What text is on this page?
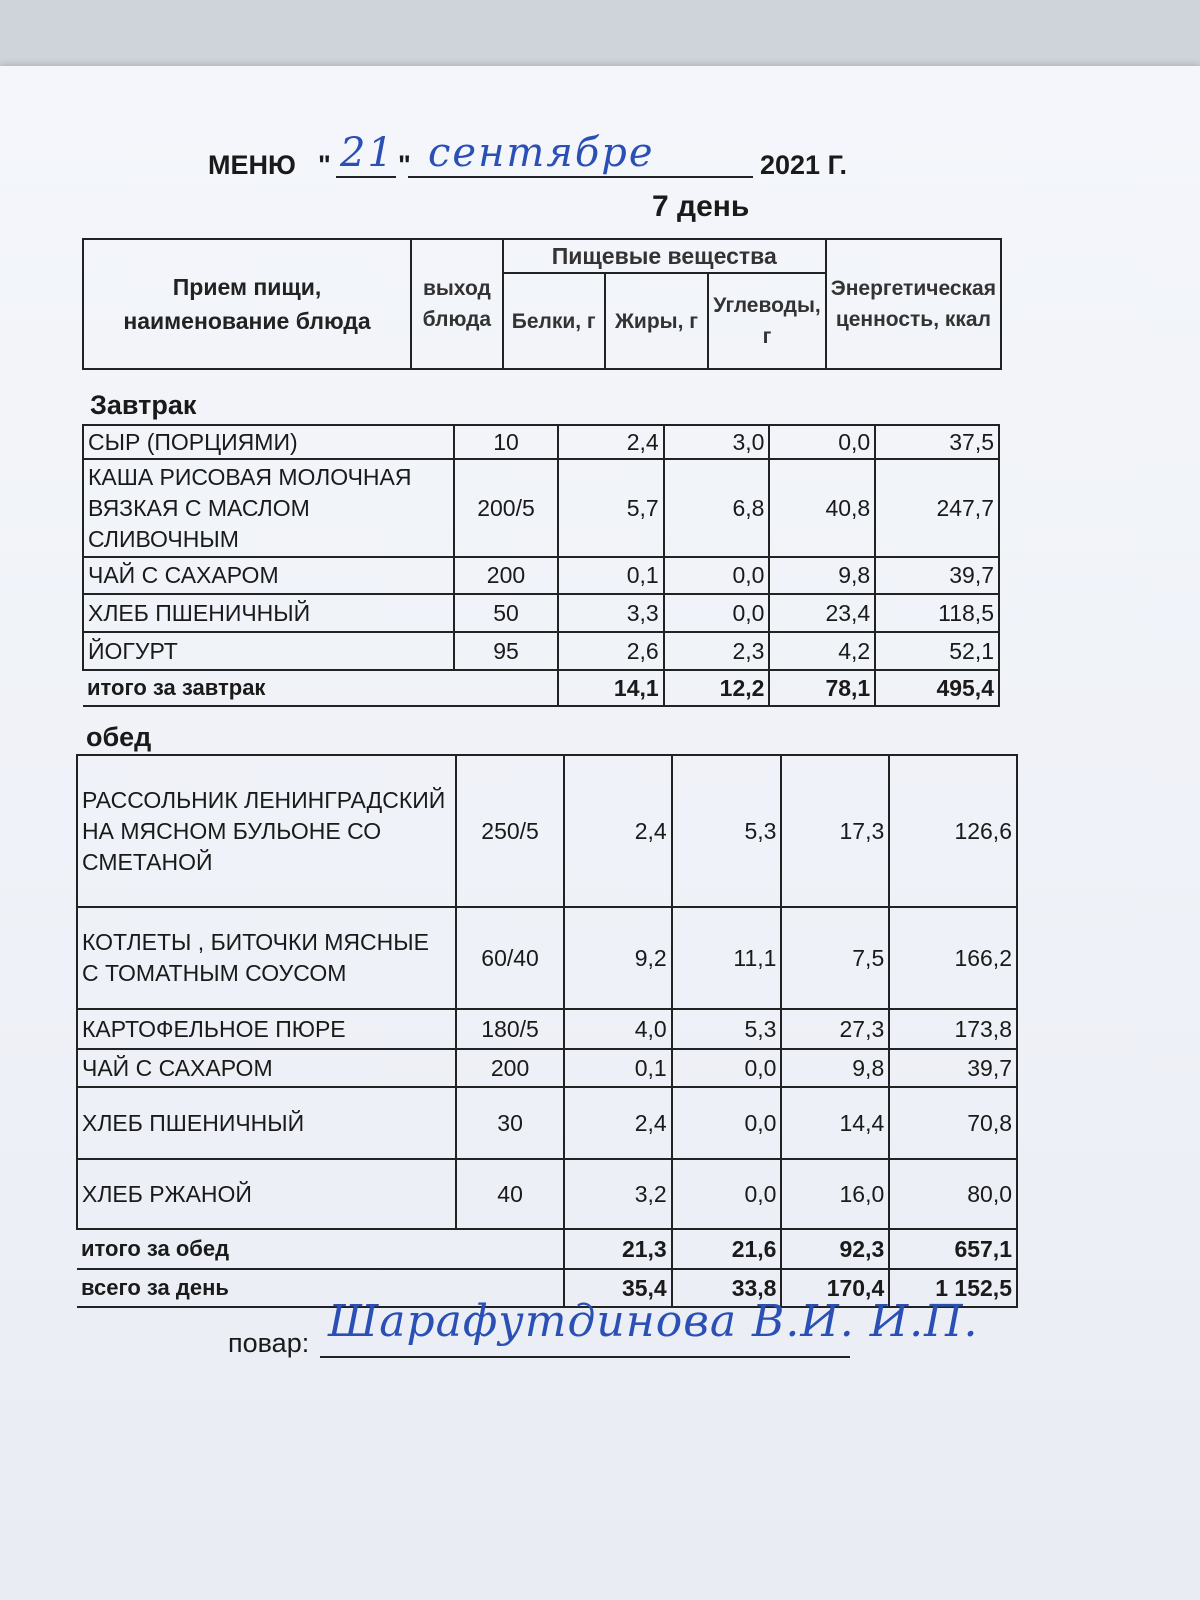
МЕНЮ " 21 " сентябре	2021 Г.
7 день
Прием пищи, наименование блюда	выход блюда	Пищевые вещества			Энергетическая ценность, ккал
		Белки, г	Жиры, г	Углеводы, г	
Завтрак
СЫР (ПОРЦИЯМИ)	10	2,4	3,0	0,0	37,5
КАША РИСОВАЯ МОЛОЧНАЯ ВЯЗКАЯ С МАСЛОМ СЛИВОЧНЫМ	200/5	5,7	6,8	40,8	247,7
ЧАЙ С САХАРОМ	200	0,1	0,0	9,8	39,7
ХЛЕБ ПШЕНИЧНЫЙ	50	3,3	0,0	23,4	118,5
ЙОГУРТ	95	2,6	2,3	4,2	52,1
итого за завтрак		14,1	12,2	78,1	495,4
обед
РАССОЛЬНИК ЛЕНИНГРАДСКИЙ НА МЯСНОМ БУЛЬОНЕ СО СМЕТАНОЙ	250/5	2,4	5,3	17,3	126,6
КОТЛЕТЫ , БИТОЧКИ МЯСНЫЕ С ТОМАТНЫМ СОУСОМ	60/40	9,2	11,1	7,5	166,2
КАРТОФЕЛЬНОЕ ПЮРЕ	180/5	4,0	5,3	27,3	173,8
ЧАЙ С САХАРОМ	200	0,1	0,0	9,8	39,7
ХЛЕБ ПШЕНИЧНЫЙ	30	2,4	0,0	14,4	70,8
ХЛЕБ РЖАНОЙ	40	3,2	0,0	16,0	80,0
итого за обед		21,3	21,6	92,3	657,1
всего за день		35,4	33,8	170,4	1 152,5
повар: Шарафутдинова В.И. И.П.
